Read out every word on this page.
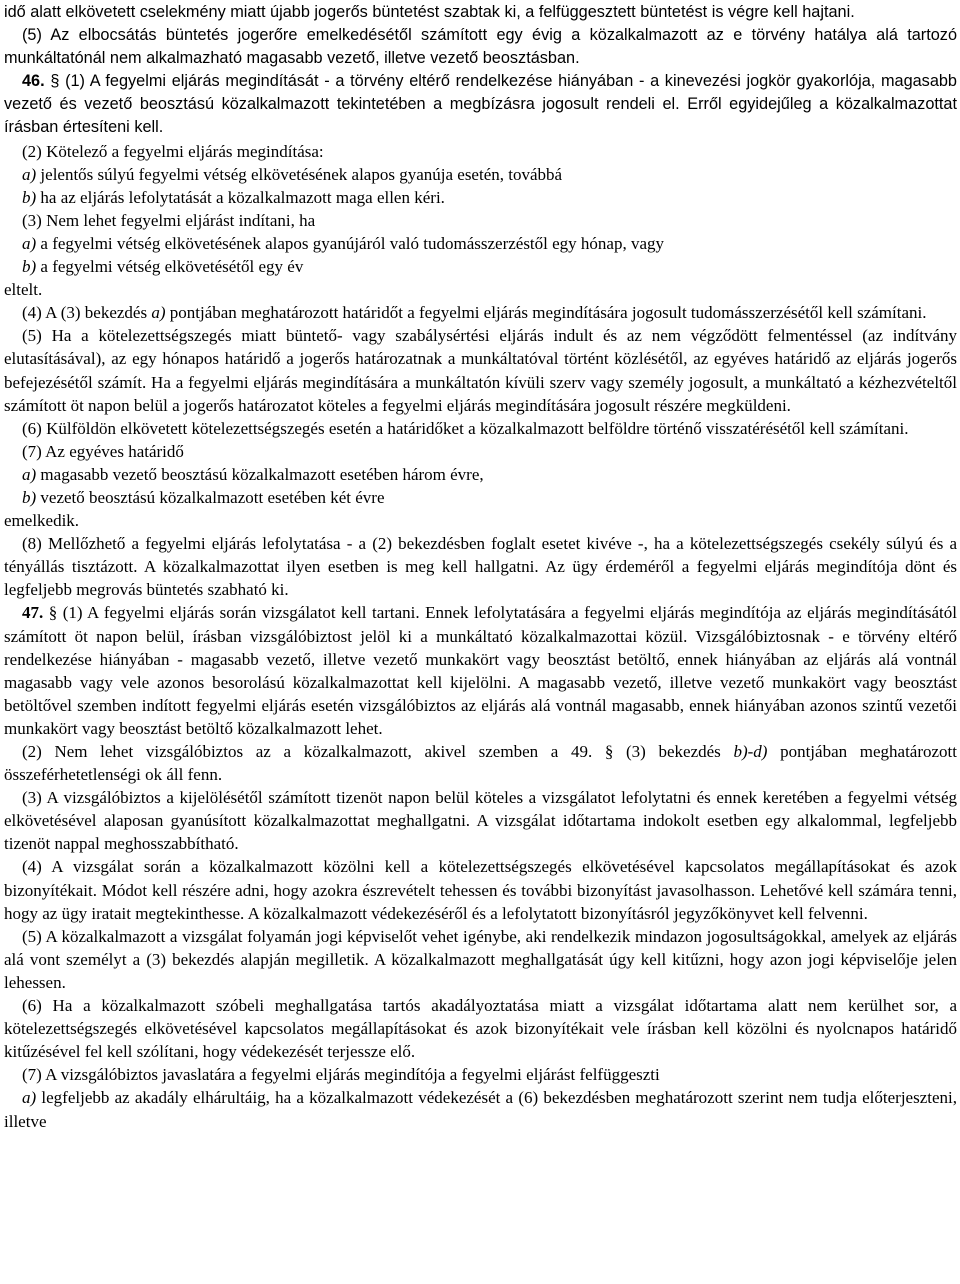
idő alatt elkövetett cselekmény miatt újabb jogerős büntetést szabtak ki, a felfüggesztett büntetést is végre kell hajtani.

(5) Az elbocsátás büntetés jogerőre emelkedésétől számított egy évig a közalkalmazott az e törvény hatálya alá tartozó munkáltatónál nem alkalmazható magasabb vezető, illetve vezető beosztásban.

46. § (1) A fegyelmi eljárás megindítását - a törvény eltérő rendelkezése hiányában - a kinevezési jogkör gyakorlója, magasabb vezető és vezető beosztású közalkalmazott tekintetében a megbízásra jogosult rendeli el. Erről egyidejűleg a közalkalmazottat írásban értesíteni kell.

(2) Kötelező a fegyelmi eljárás megindítása:

a) jelentős súlyú fegyelmi vétség elkövetésének alapos gyanúja esetén, továbbá

b) ha az eljárás lefolytatását a közalkalmazott maga ellen kéri.

(3) Nem lehet fegyelmi eljárást indítani, ha

a) a fegyelmi vétség elkövetésének alapos gyanújáról való tudomásszerzéstől egy hónap, vagy

b) a fegyelmi vétség elkövetésétől egy év

eltelt.

(4) A (3) bekezdés a) pontjában meghatározott határidőt a fegyelmi eljárás megindítására jogosult tudomásszerzésétől kell számítani.

(5) Ha a kötelezettségszegés miatt büntető- vagy szabálysértési eljárás indult és az nem végződött felmentéssel (az indítvány elutasításával), az egy hónapos határidő a jogerős határozatnak a munkáltatóval történt közlésétől, az egyéves határidő az eljárás jogerős befejezésétől számít. Ha a fegyelmi eljárás megindítására a munkáltatón kívüli szerv vagy személy jogosult, a munkáltató a kézhezvételtől számított öt napon belül a jogerős határozatot köteles a fegyelmi eljárás megindítására jogosult részére megküldeni.

(6) Külföldön elkövetett kötelezettségszegés esetén a határidőket a közalkalmazott belföldre történő visszatérésétől kell számítani.

(7) Az egyéves határidő

a) magasabb vezető beosztású közalkalmazott esetében három évre,

b) vezető beosztású közalkalmazott esetében két évre

emelkedik.

(8) Mellőzhető a fegyelmi eljárás lefolytatása - a (2) bekezdésben foglalt esetet kivéve -, ha a kötelezettségszegés csekély súlyú és a tényállás tisztázott. A közalkalmazottat ilyen esetben is meg kell hallgatni. Az ügy érdeméről a fegyelmi eljárás megindítója dönt és legfeljebb megrovás büntetés szabható ki.

47. § (1) A fegyelmi eljárás során vizsgálatot kell tartani. Ennek lefolytatására a fegyelmi eljárás megindítója az eljárás megindításától számított öt napon belül, írásban vizsgálóbiztost jelöl ki a munkáltató közalkalmazottai közül. Vizsgálóbiztosnak - e törvény eltérő rendelkezése hiányában - magasabb vezető, illetve vezető munkakört vagy beosztást betöltő, ennek hiányában az eljárás alá vontnál magasabb vagy vele azonos besorolású közalkalmazottat kell kijelölni. A magasabb vezető, illetve vezető munkakört vagy beosztást betöltővel szemben indított fegyelmi eljárás esetén vizsgálóbiztos az eljárás alá vontnál magasabb, ennek hiányában azonos szintű vezetői munkakört vagy beosztást betöltő közalkalmazott lehet.

(2) Nem lehet vizsgálóbiztos az a közalkalmazott, akivel szemben a 49. § (3) bekezdés b)-d) pontjában meghatározott összeférhetetlenségi ok áll fenn.

(3) A vizsgálóbiztos a kijelölésétől számított tizenöt napon belül köteles a vizsgálatot lefolytatni és ennek keretében a fegyelmi vétség elkövetésével alaposan gyanúsított közalkalmazottat meghallgatni. A vizsgálat időtartama indokolt esetben egy alkalommal, legfeljebb tizenöt nappal meghosszabbítható.

(4) A vizsgálat során a közalkalmazott közölni kell a kötelezettségszegés elkövetésével kapcsolatos megállapításokat és azok bizonyítékait. Módot kell részére adni, hogy azokra észrevételt tehessen és további bizonyítást javasolhasson. Lehetővé kell számára tenni, hogy az ügy iratait megtekinthesse. A közalkalmazott védekezéséről és a lefolytatott bizonyításról jegyzőkönyvet kell felvenni.

(5) A közalkalmazott a vizsgálat folyamán jogi képviselőt vehet igénybe, aki rendelkezik mindazon jogosultságokkal, amelyek az eljárás alá vont személyt a (3) bekezdés alapján megilletik. A közalkalmazott meghallgatását úgy kell kitűzni, hogy azon jogi képviselője jelen lehessen.

(6) Ha a közalkalmazott szóbeli meghallgatása tartós akadályoztatása miatt a vizsgálat időtartama alatt nem kerülhet sor, a kötelezettségszegés elkövetésével kapcsolatos megállapításokat és azok bizonyítékait vele írásban kell közölni és nyolcnapos határidő kitűzésével fel kell szólítani, hogy védekezését terjessze elő.

(7) A vizsgálóbiztos javaslatára a fegyelmi eljárás megindítója a fegyelmi eljárást felfüggeszti

a) legfeljebb az akadály elhárultáig, ha a közalkalmazott védekezését a (6) bekezdésben meghatározott szerint nem tudja előterjeszteni, illetve
